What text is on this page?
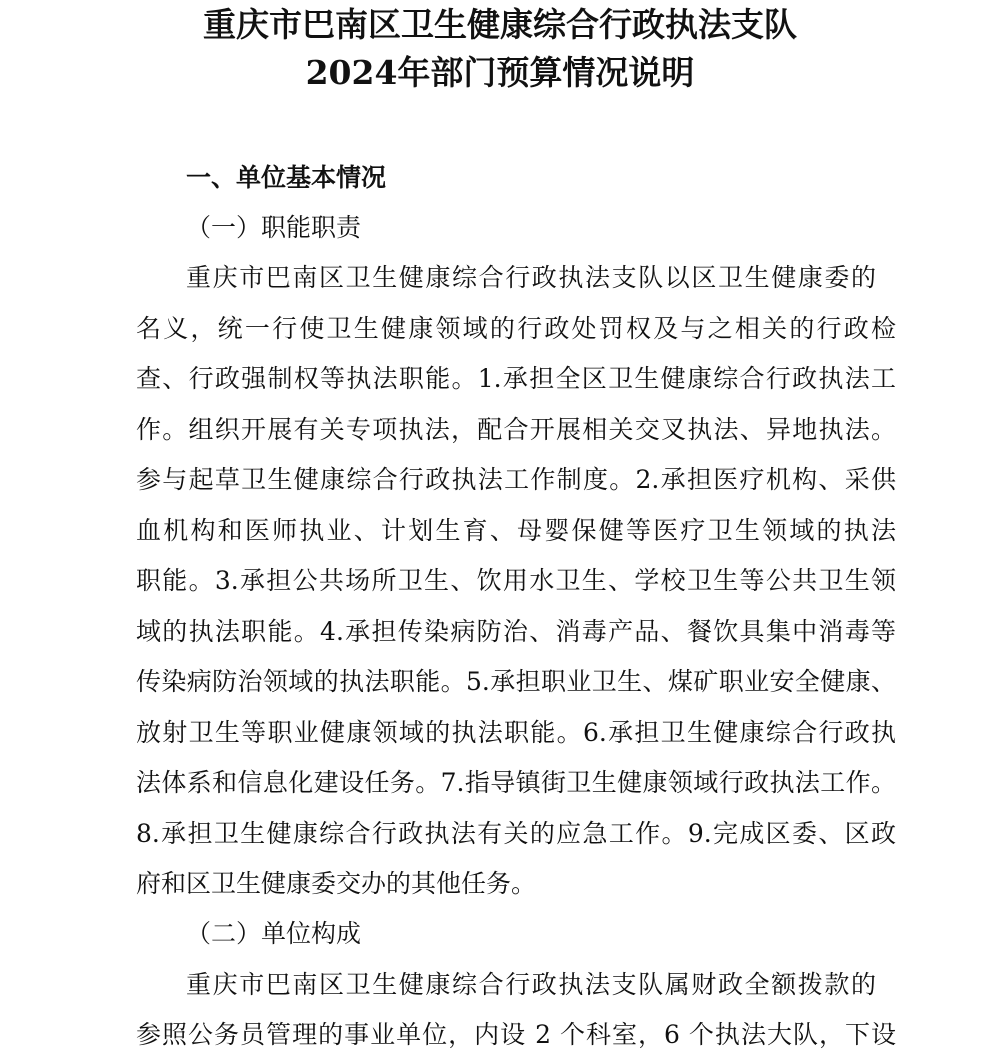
重庆市巴南区卫生健康综合行政执法支队
2024年部门预算情况说明
一、单位基本情况
（一）职能职责
重庆市巴南区卫生健康综合行政执法支队以区卫生健康委的
名义，统一行使卫生健康领域的行政处罚权及与之相关的行政检
查、行政强制权等执法职能。1.承担全区卫生健康综合行政执法工
作。组织开展有关专项执法，配合开展相关交叉执法、异地执法。
参与起草卫生健康综合行政执法工作制度。2.承担医疗机构、采供
血机构和医师执业、计划生育、母婴保健等医疗卫生领域的执法
职能。3.承担公共场所卫生、饮用水卫生、学校卫生等公共卫生领
域的执法职能。4.承担传染病防治、消毒产品、餐饮具集中消毒等
传染病防治领域的执法职能。5.承担职业卫生、煤矿职业安全健康、
放射卫生等职业健康领域的执法职能。6.承担卫生健康综合行政执
法体系和信息化建设任务。7.指导镇街卫生健康领域行政执法工作。
8.承担卫生健康综合行政执法有关的应急工作。9.完成区委、区政
府和区卫生健康委交办的其他任务。
（二）单位构成
重庆市巴南区卫生健康综合行政执法支队属财政全额拨款的
参照公务员管理的事业单位，内设 2 个科室，6 个执法大队，下设
